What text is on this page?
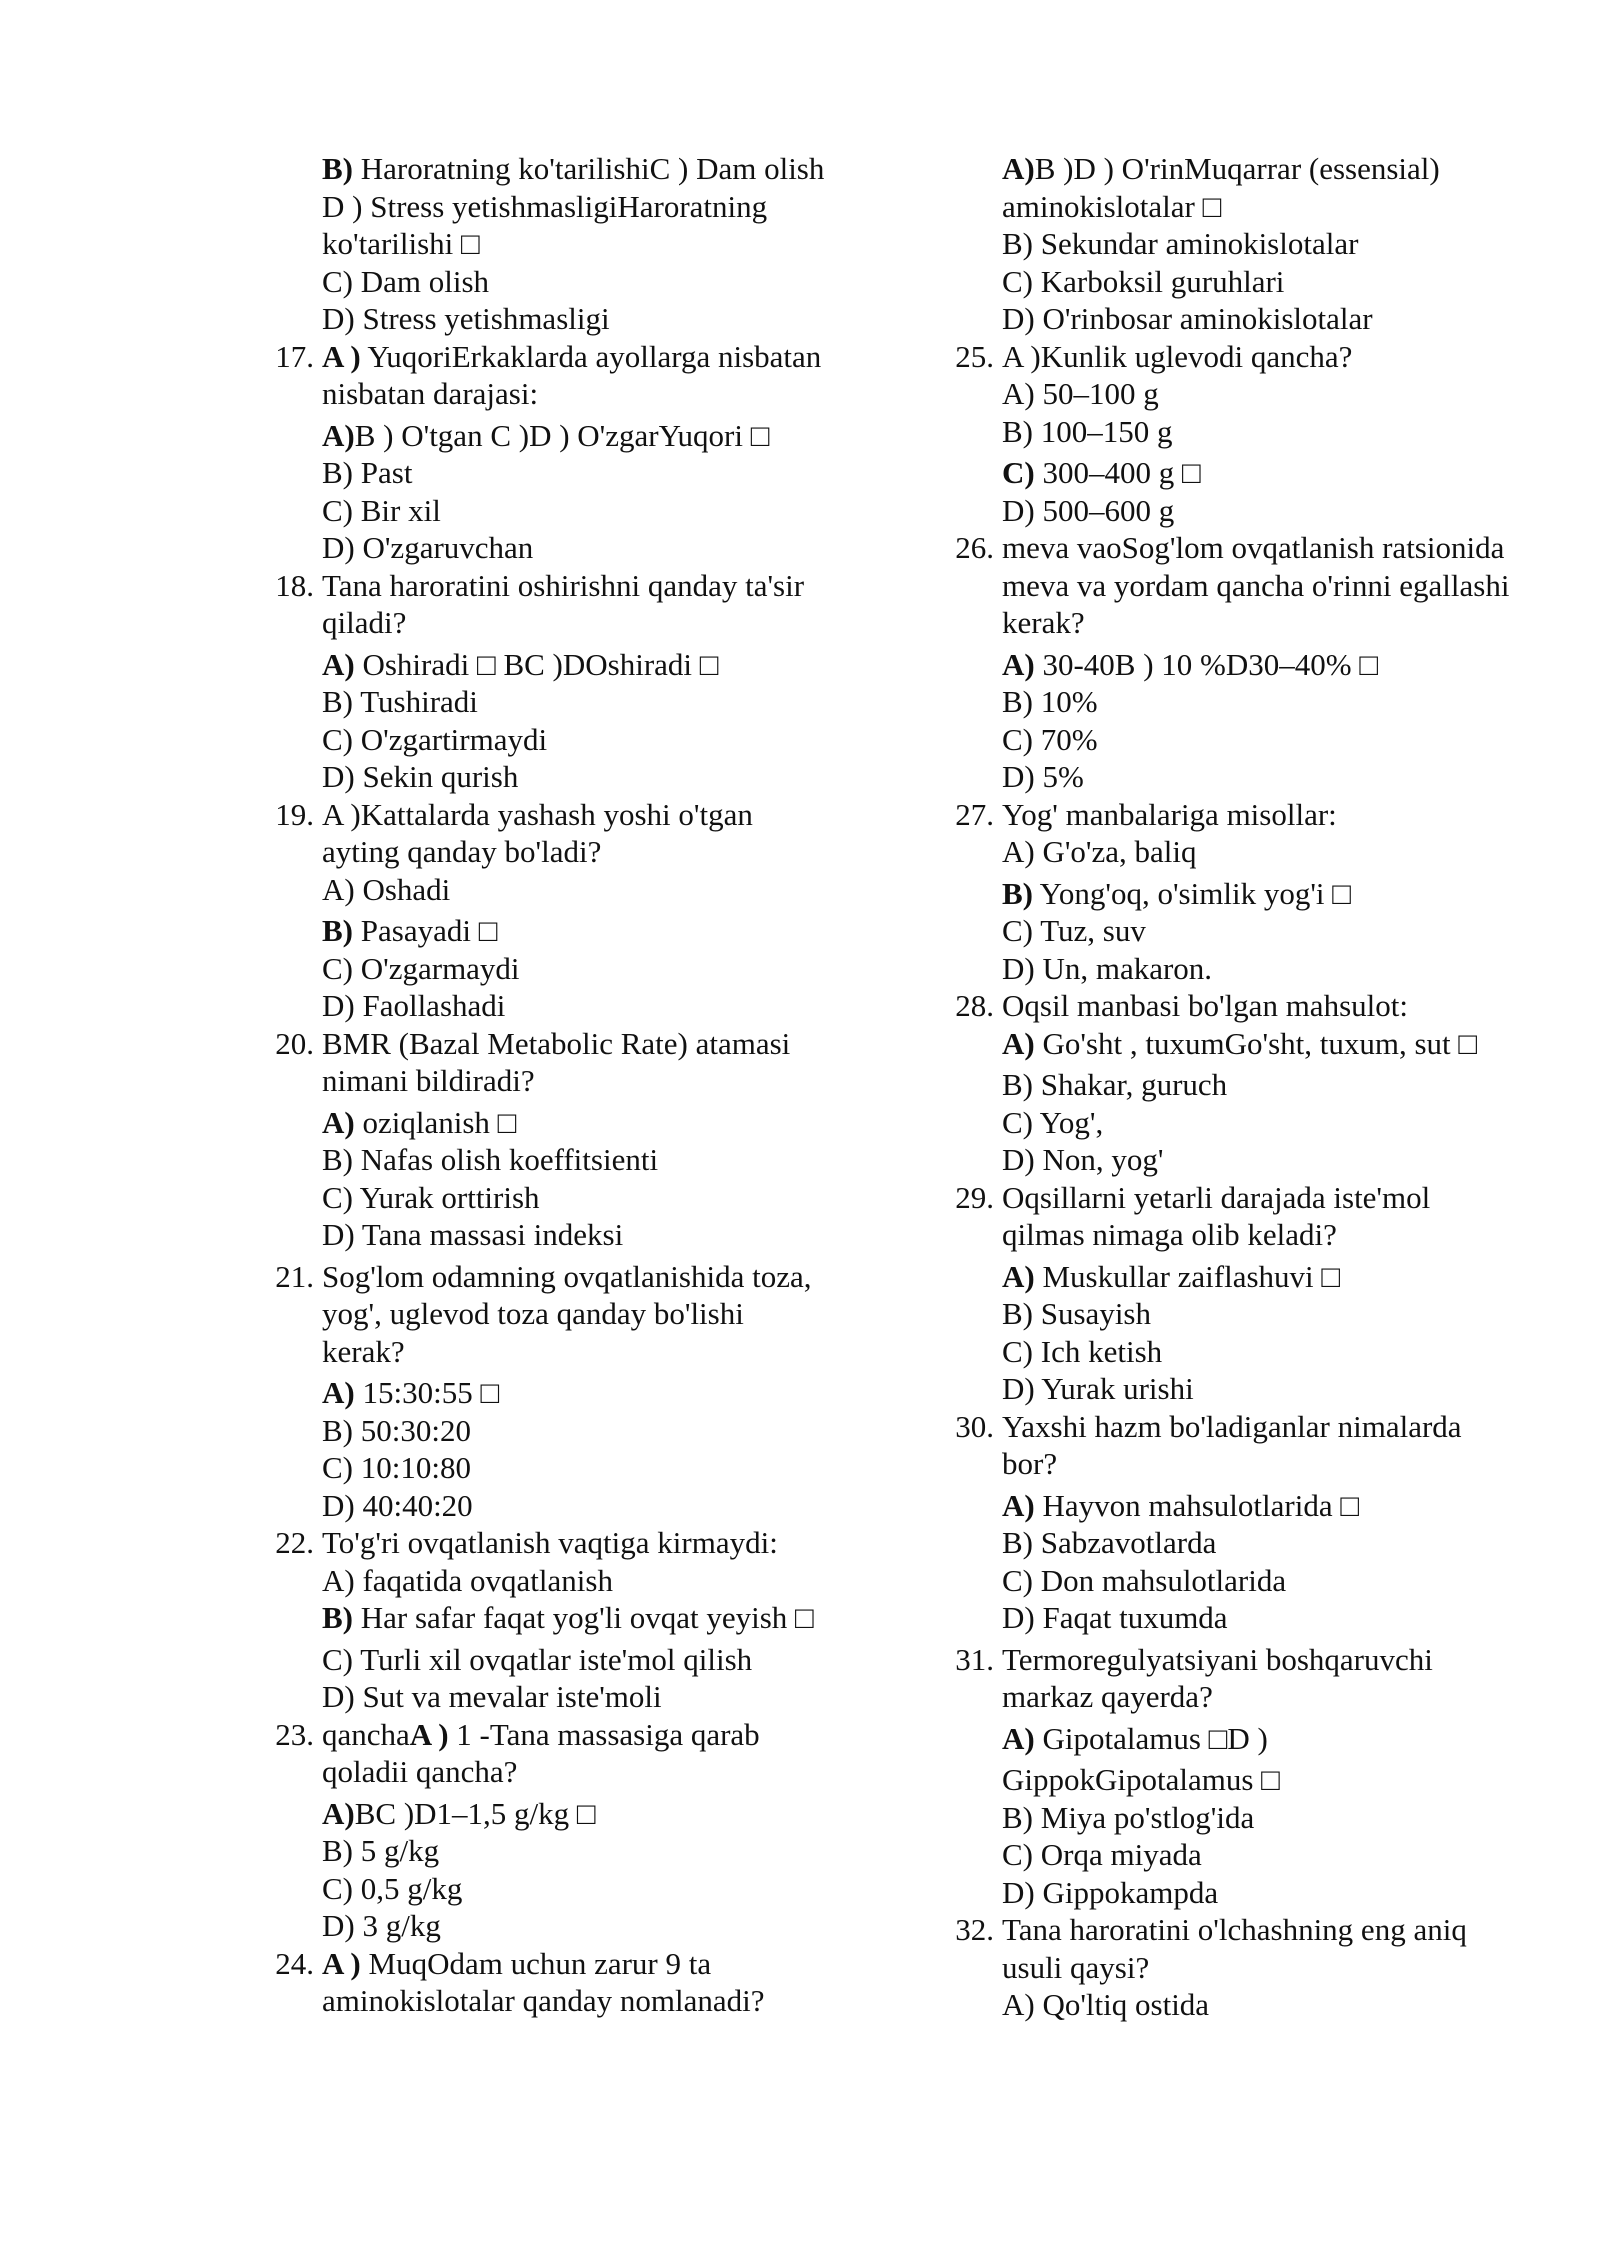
B) Haroratning ko'tarilishiC ) Dam olish D ) Stress yetishmasligiHaroratning ko'tarilishi □
C) Dam olish
D) Stress yetishmasligi
17. A ) YuqoriErkaklarda ayollarga nisbatan nisbatan darajasi:
A)B ) O'tgan C )D ) O'zgarYuqori □
B) Past
C) Bir xil
D) O'zgaruvchan
18. Tana haroratini oshirishni qanday ta'sir qiladi?
A) Oshiradi □ BC )DOshiradi □
B) Tushiradi
C) O'zgartirmaydi
D) Sekin qurish
19. A )Kattalarda yashash yoshi o'tgan ayting qanday bo'ladi?
A) Oshadi
B) Pasayadi □
C) O'zgarmaydi
D) Faollashadi
20. BMR (Bazal Metabolic Rate) atamasi nimani bildiradi?
A) oziqlanish □
B) Nafas olish koeffitsienti
C) Yurak orttirish
D) Tana massasi indeksi
21. Sog'lom odamning ovqatlanishida toza, yog', uglevod toza qanday bo'lishi kerak?
A) 15:30:55 □
B) 50:30:20
C) 10:10:80
D) 40:40:20
22. To'g'ri ovqatlanish vaqtiga kirmaydi:
A) faqatida ovqatlanish
B) Har safar faqat yog'li ovqat yeyish □
C) Turli xil ovqatlar iste'mol qilish
D) Sut va mevalar iste'moli
23. qanchaA ) 1 -Tana massasiga qarab qoladii qancha?
A)BC )D1–1,5 g/kg □
B) 5 g/kg
C) 0,5 g/kg
D) 3 g/kg
24. A ) MuqOdam uchun zarur 9 ta aminokislotalar qanday nomlanadi?
A)B )D ) O'rinMuqarrar (essensial) aminokislotalar □
B) Sekundar aminokislotalar
C) Karboksil guruhlari
D) O'rinbosar aminokislotalar
25. A )Kunlik uglevodi qancha?
A) 50–100 g
B) 100–150 g
C) 300–400 g □
D) 500–600 g
26. meva vaoSog'lom ovqatlanish ratsionida meva va yordam qancha o'rinni egallashi kerak?
A) 30-40B ) 10 %D30–40% □
B) 10%
C) 70%
D) 5%
27. Yog' manbalariga misollar:
A) G'o'za, baliq
B) Yong'oq, o'simlik yog'i □
C) Tuz, suv
D) Un, makaron.
28. Oqsil manbasi bo'lgan mahsulot:
A) Go'sht , tuxumGo'sht, tuxum, sut □
B) Shakar, guruch
C) Yog',
D) Non, yog'
29. Oqsillarni yetarli darajada iste'mol qilmas nimaga olib keladi?
A) Muskullar zaiflashuvi □
B) Susayish
C) Ich ketish
D) Yurak urishi
30. Yaxshi hazm bo'ladiganlar nimalarda bor?
A) Hayvon mahsulotlarida □
B) Sabzavotlarda
C) Don mahsulotlarida
D) Faqat tuxumda
31. Termoregulyatsiyani boshqaruvchi markaz qayerda?
A) Gipotalamus □D )
GippokGipotalamus □
B) Miya po'stlog'ida
C) Orqa miyada
D) Gippokampda
32. Tana haroratini o'lchashning eng aniq usuli qaysi?
A) Qo'ltiq ostida
